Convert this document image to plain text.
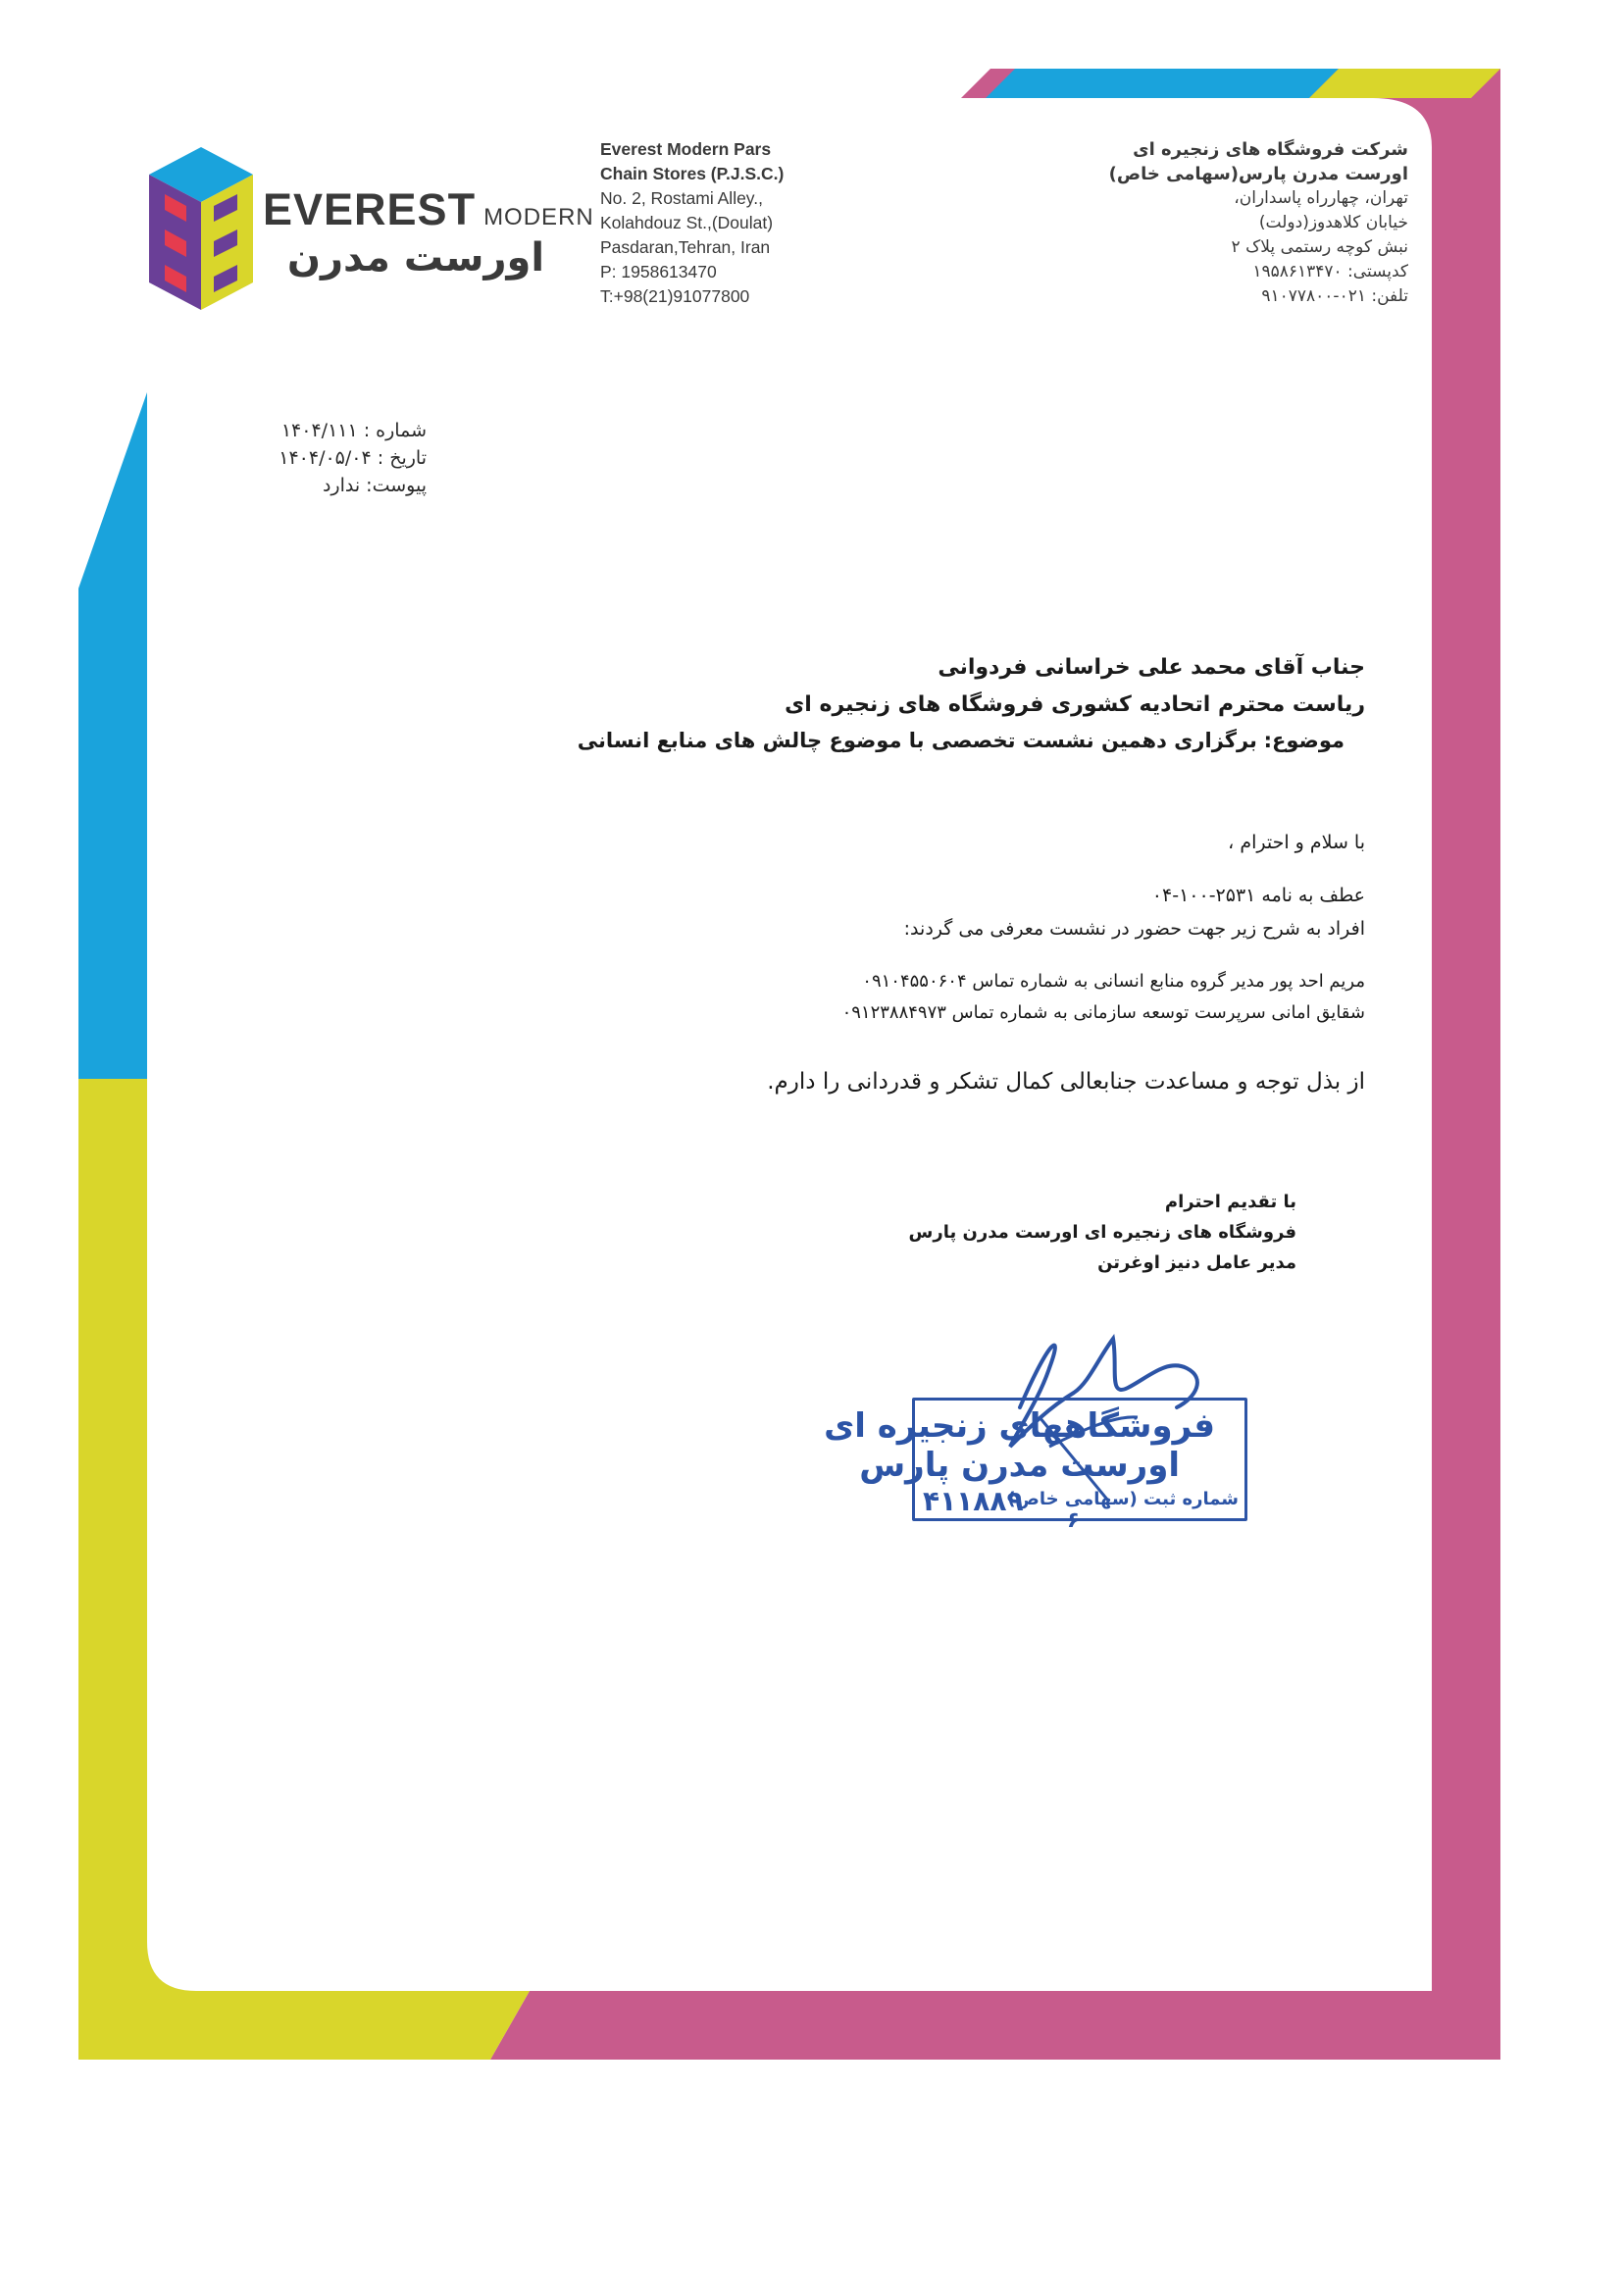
EVEREST MODERN
اورست مدرن
Everest Modern Pars
Chain Stores (P.J.S.C.)
No. 2, Rostami Alley.,
Kolahdouz St.,(Doulat)
Pasdaran,Tehran, Iran
P: 1958613470
T:+98(21)91077800
شرکت فروشگاه های زنجیره ای
اورست مدرن پارس(سهامی خاص)
تهران، چهارراه پاسداران،
خیابان کلاهدوز(دولت)
نبش کوچه رستمی پلاک ۲
کدپستی: ۱۹۵۸۶۱۳۴۷۰
تلفن: ۰۲۱-۹۱۰۷۷۸۰۰
شماره : ۱۴۰۴/۱۱۱
تاریخ : ۱۴۰۴/۰۵/۰۴
پیوست: ندارد
جناب آقای محمد علی خراسانی فردوانی
ریاست محترم اتحادیه کشوری فروشگاه های زنجیره ای
موضوع: برگزاری دهمین نشست تخصصی با موضوع چالش های منابع انسانی
با سلام و احترام ،
عطف به نامه ۲۵۳۱-۱۰۰-۰۴
افراد به شرح زیر جهت حضور در نشست معرفی می گردند:
مریم احد پور مدیر گروه منابع انسانی به شماره تماس ۰۹۱۰۴۵۵۰۶۰۴
شقایق امانی سرپرست توسعه سازمانی به شماره تماس ۰۹۱۲۳۸۸۴۹۷۳
از بذل توجه و مساعدت جنابعالی کمال تشکر و قدردانی را دارم.
با تقدیم احترام
فروشگاه های زنجیره ای اورست مدرن پارس
مدیر عامل دنیز اوغرتن
فروشگاههای زنجیره ای
اورست مدرن پارس
شماره ثبت (سهامی خاص)
۴۱۱۸۸۹
۶
